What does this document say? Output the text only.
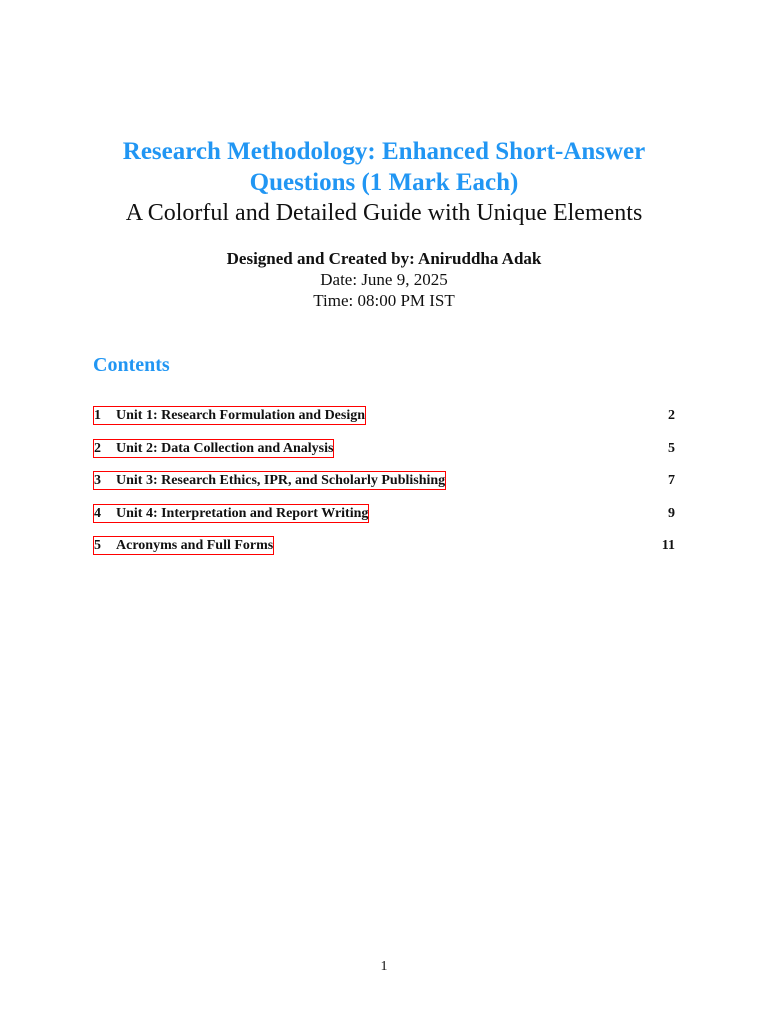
Research Methodology: Enhanced Short-Answer

Questions (1 Mark Each)

A Colorful and Detailed Guide with Unique Elements

Designed and Created by: Aniruddha Adak
Date: June 9, 2025
Time: 08:00 PM IST
Contents
1 Unit 1: Research Formulation and Design	2
2 Unit 2: Data Collection and Analysis	5
3 Unit 3: Research Ethics, IPR, and Scholarly Publishing	7
4 Unit 4: Interpretation and Report Writing	9
5 Acronyms and Full Forms	11
1
